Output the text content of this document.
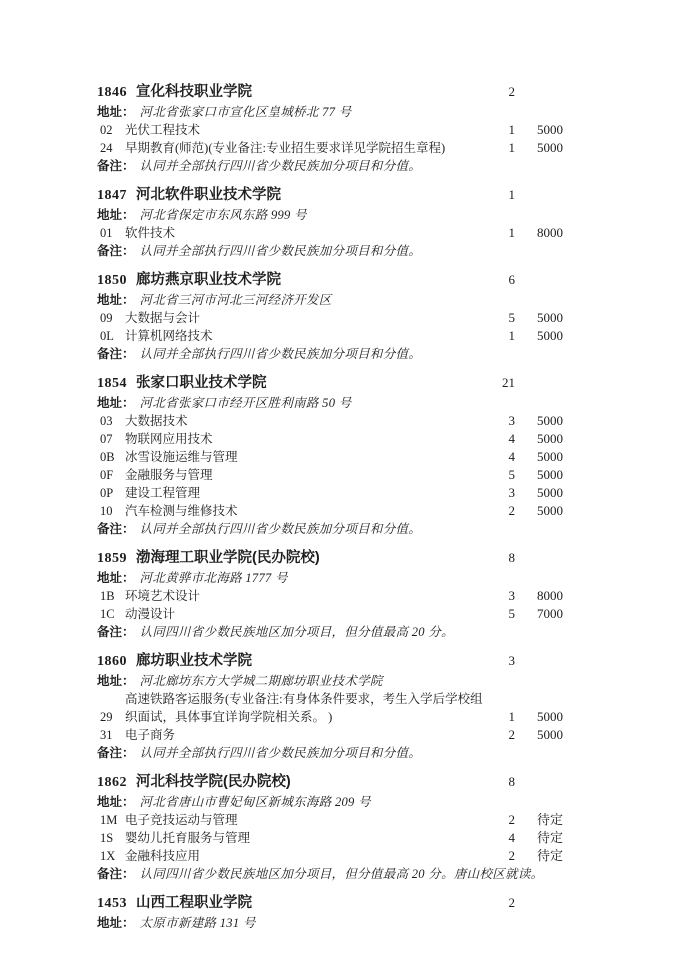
1846 宣化科技职业学院	2
地址： 河北省张家口市宣化区皇城桥北 77 号
02	光伏工程技术	1	5000
24	早期教育(师范)(专业备注:专业招生要求详见学院招生章程)	1	5000
备注： 认同并全部执行四川省少数民族加分项目和分值。
1847 河北软件职业技术学院	1
地址： 河北省保定市东风东路 999 号
01	软件技术	1	8000
备注： 认同并全部执行四川省少数民族加分项目和分值。
1850 廊坊燕京职业技术学院	6
地址： 河北省三河市河北三河经济开发区
09	大数据与会计	5	5000
0L 计算机网络技术	1	5000
备注： 认同并全部执行四川省少数民族加分项目和分值。
1854 张家口职业技术学院	21
地址： 河北省张家口市经开区胜利南路 50 号
03	大数据技术	3	5000
07	物联网应用技术	4	5000
0B 冰雪设施运维与管理	4	5000
0F 金融服务与管理	5	5000
0P 建设工程管理	3	5000
10	汽车检测与维修技术	2	5000
备注： 认同并全部执行四川省少数民族加分项目和分值。
1859 渤海理工职业学院(民办院校)	8
地址： 河北黄骅市北海路 1777 号
1B 环境艺术设计	3	8000
1C 动漫设计	5	7000
备注： 认同四川省少数民族地区加分项目，但分值最高 20 分。
1860 廊坊职业技术学院	3
地址： 河北廊坊东方大学城二期廊坊职业技术学院
29
高速铁路客运服务(专业备注:有身体条件要求，考生入学后学校组织面试，具体事宜详询学院相关系。 )	1	5000
31	电子商务	2	5000
备注： 认同并全部执行四川省少数民族加分项目和分值。
1862 河北科技学院(民办院校)	8
地址： 河北省唐山市曹妃甸区新城东海路 209 号
1M 电子竞技运动与管理	2	待定
1S 婴幼儿托育服务与管理	4	待定
1X 金融科技应用	2	待定
备注： 认同四川省少数民族地区加分项目，但分值最高 20 分。唐山校区就读。
1453 山西工程职业学院	2
地址： 太原市新建路 131 号
